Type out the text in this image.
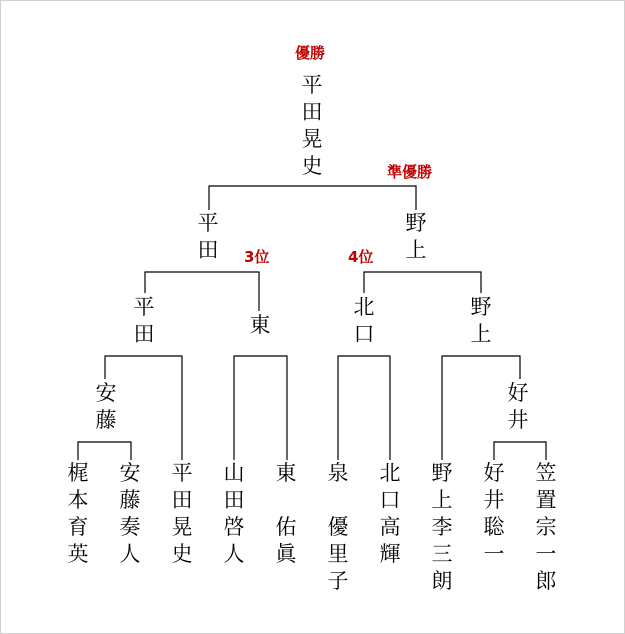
優勝
準優勝
3位	4位
平
田
晃
史
平
田
野
上
平
田	東
北
口
野
上
安
藤
好
井
梶
本
育
英
安
藤
奏
人
平
田
晃
史
山
田
啓
人
東

佑
眞
泉

優
里
子
北
口
高
輝
野
上
李
三
朗
好
井
聡
一
笠
置
宗
一
郎
